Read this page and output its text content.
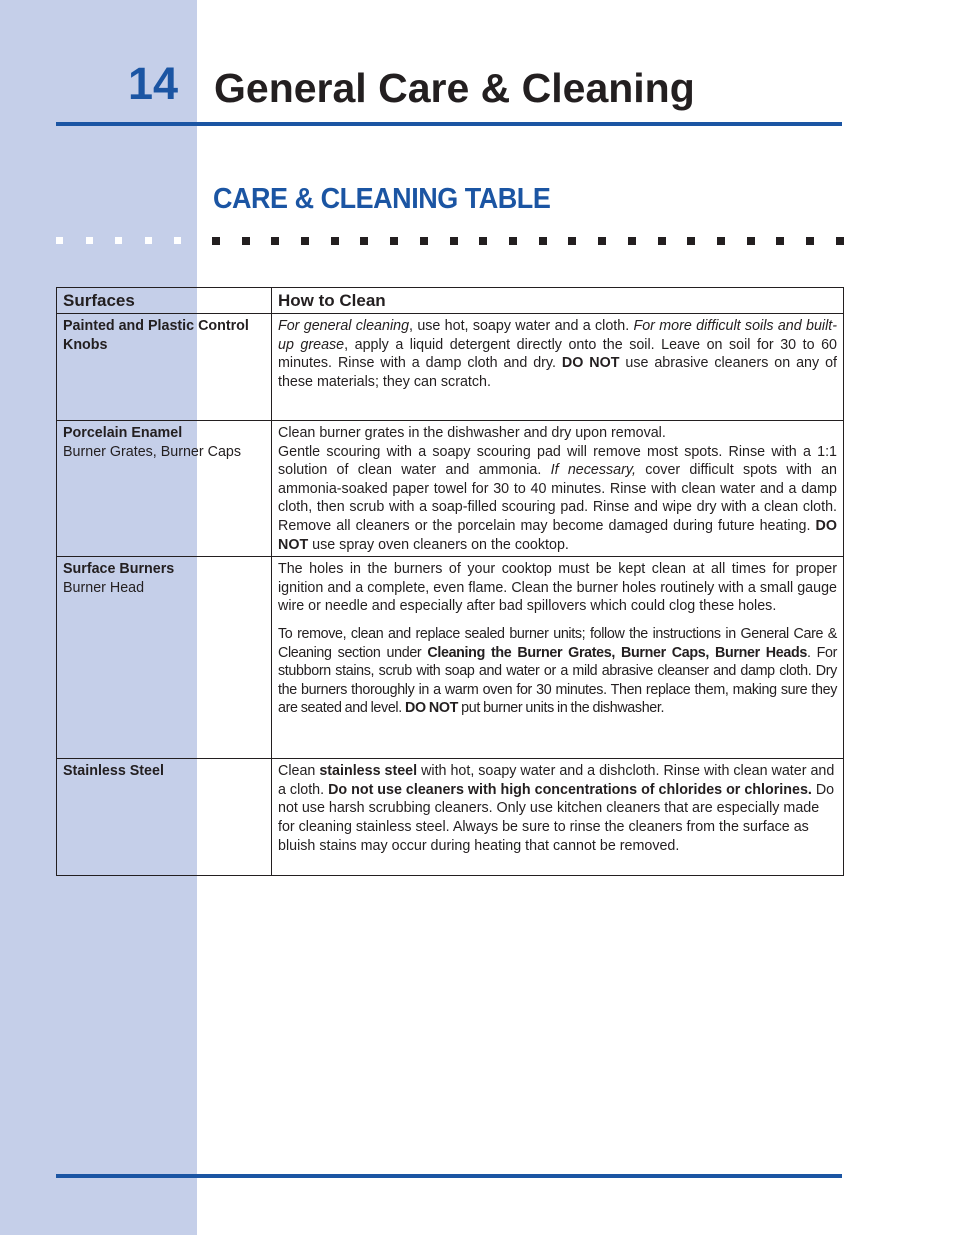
14 General Care & Cleaning
CARE & CLEANING TABLE
Surfaces	How to Clean

Painted and Plastic Control Knobs	For general cleaning, use hot, soapy water and a cloth. For more difficult soils and built-up grease, apply a liquid detergent directly onto the soil. Leave on soil for 30 to 60 minutes. Rinse with a damp cloth and dry. DO NOT use abrasive cleaners on any of these materials; they can scratch.

Porcelain Enamel
Burner Grates, Burner Caps	Clean burner grates in the dishwasher and dry upon removal.
Gentle scouring with a soapy scouring pad will remove most spots. Rinse with a 1:1 solution of clean water and ammonia. If necessary, cover difficult spots with an ammonia-soaked paper towel for 30 to 40 minutes. Rinse with clean water and a damp cloth, then scrub with a soap-filled scouring pad. Rinse and wipe dry with a clean cloth. Remove all cleaners or the porcelain may become damaged during future heating. DO NOT use spray oven cleaners on the cooktop.

Surface Burners
Burner Head	The holes in the burners of your cooktop must be kept clean at all times for proper ignition and a complete, even flame. Clean the burner holes routinely with a small gauge wire or needle and especially after bad spillovers which could clog these holes.
To remove, clean and replace sealed burner units; follow the instructions in General Care & Cleaning section under Cleaning the Burner Grates, Burner Caps, Burner Heads. For stubborn stains, scrub with soap and water or a mild abrasive cleanser and damp cloth. Dry the burners thoroughly in a warm oven for 30 minutes. Then replace them, making sure they are seated and level. DO NOT put burner units in the dishwasher.

Stainless Steel	Clean stainless steel with hot, soapy water and a dishcloth. Rinse with clean water and a cloth. Do not use cleaners with high concentrations of chlorides or chlorines. Do not use harsh scrubbing cleaners. Only use kitchen cleaners that are especially made for cleaning stainless steel. Always be sure to rinse the cleaners from the surface as bluish stains may occur during heating that cannot be removed.
